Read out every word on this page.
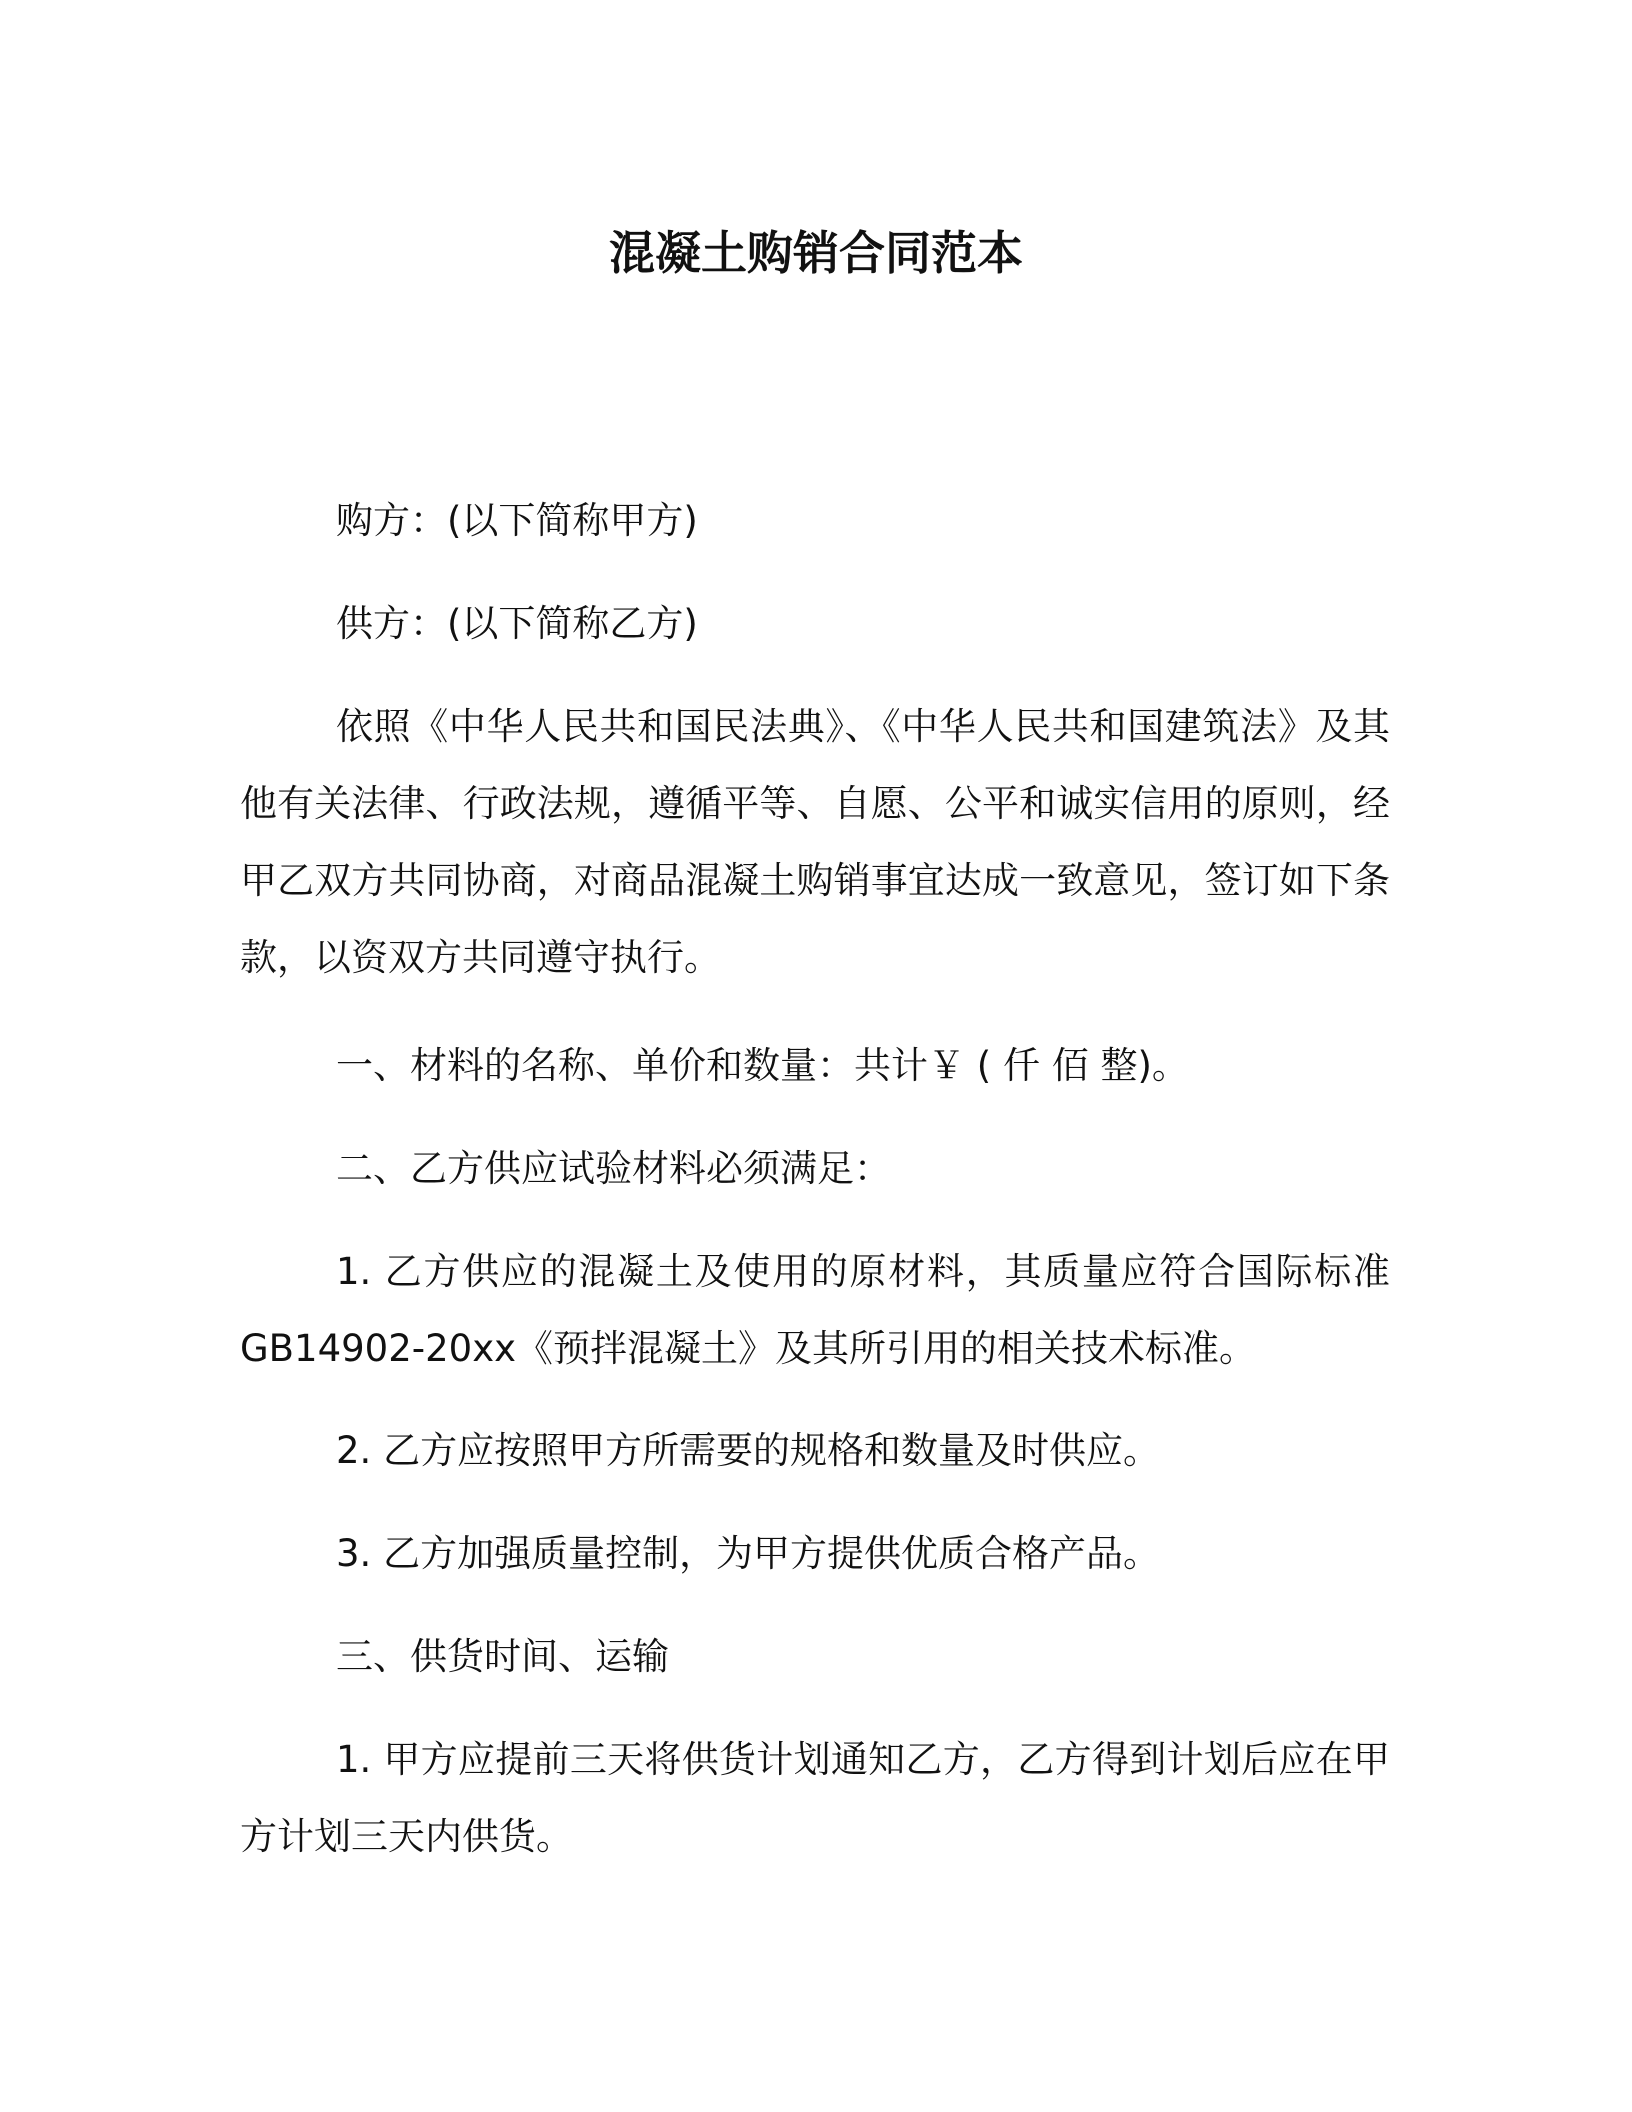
混凝土购销合同范本

购方：(以下简称甲方)

供方：(以下简称乙方)

依照《中华人民共和国民法典》、《中华人民共和国建筑法》及其他有关法律、行政法规，遵循平等、自愿、公平和诚实信用的原则，经甲乙双方共同协商，对商品混凝土购销事宜达成一致意见，签订如下条款，以资双方共同遵守执行。

一、材料的名称、单价和数量：共计￥ ( 仟 佰 整)。

二、乙方供应试验材料必须满足：

1. 乙方供应的混凝土及使用的原材料，其质量应符合国际标准GB14902-20xx《预拌混凝土》及其所引用的相关技术标准。

2. 乙方应按照甲方所需要的规格和数量及时供应。

3. 乙方加强质量控制，为甲方提供优质合格产品。

三、供货时间、运输

1. 甲方应提前三天将供货计划通知乙方，乙方得到计划后应在甲方计划三天内供货。
